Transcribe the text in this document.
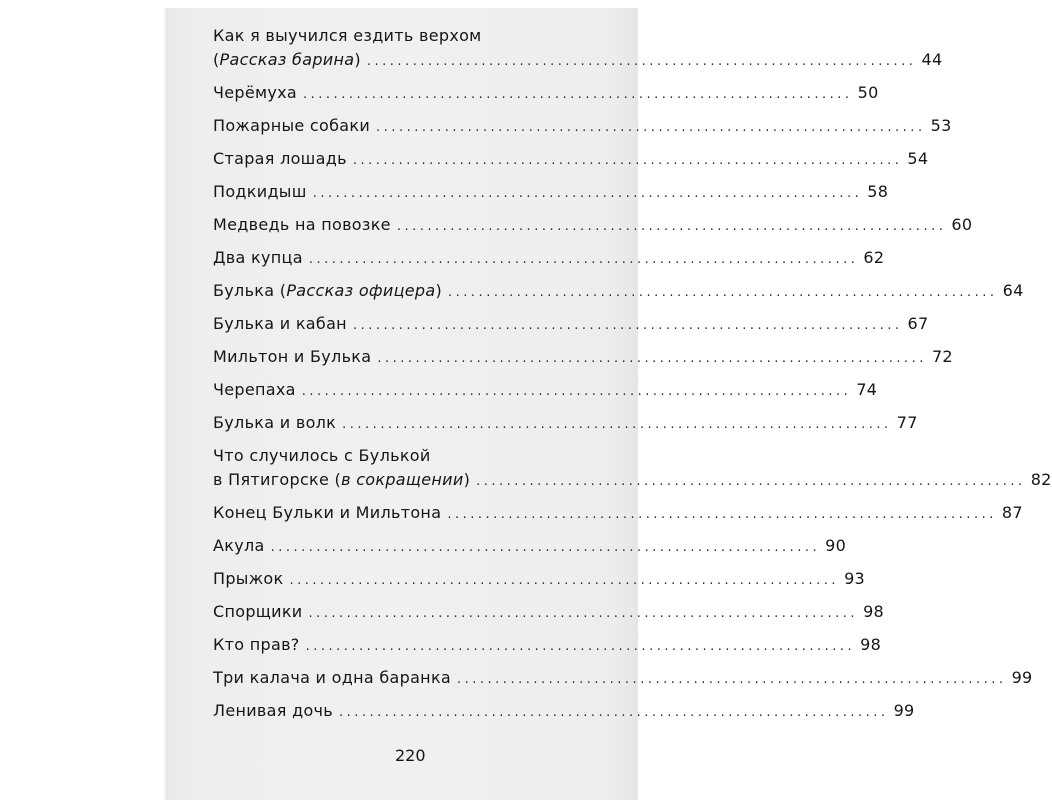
Как я выучился ездить верхом
(Рассказ барина) ........................................................................ 44
Черёмуха ........................................................................ 50
Пожарные собаки ........................................................................ 53
Старая лошадь ........................................................................ 54
Подкидыш ........................................................................ 58
Медведь на повозке ........................................................................ 60
Два купца ........................................................................ 62
Булька (Рассказ офицера) ........................................................................ 64
Булька и кабан ........................................................................ 67
Мильтон и Булька ........................................................................ 72
Черепаха ........................................................................ 74
Булька и волк ........................................................................ 77
Что случилось с Булькой
в Пятигорске (в сокращении) ........................................................................ 82
Конец Бульки и Мильтона ........................................................................ 87
Акула ........................................................................ 90
Прыжок ........................................................................ 93
Спорщики ........................................................................ 98
Кто прав? ........................................................................ 98
Три калача и одна баранка ........................................................................ 99
Ленивая дочь ........................................................................ 99
220
